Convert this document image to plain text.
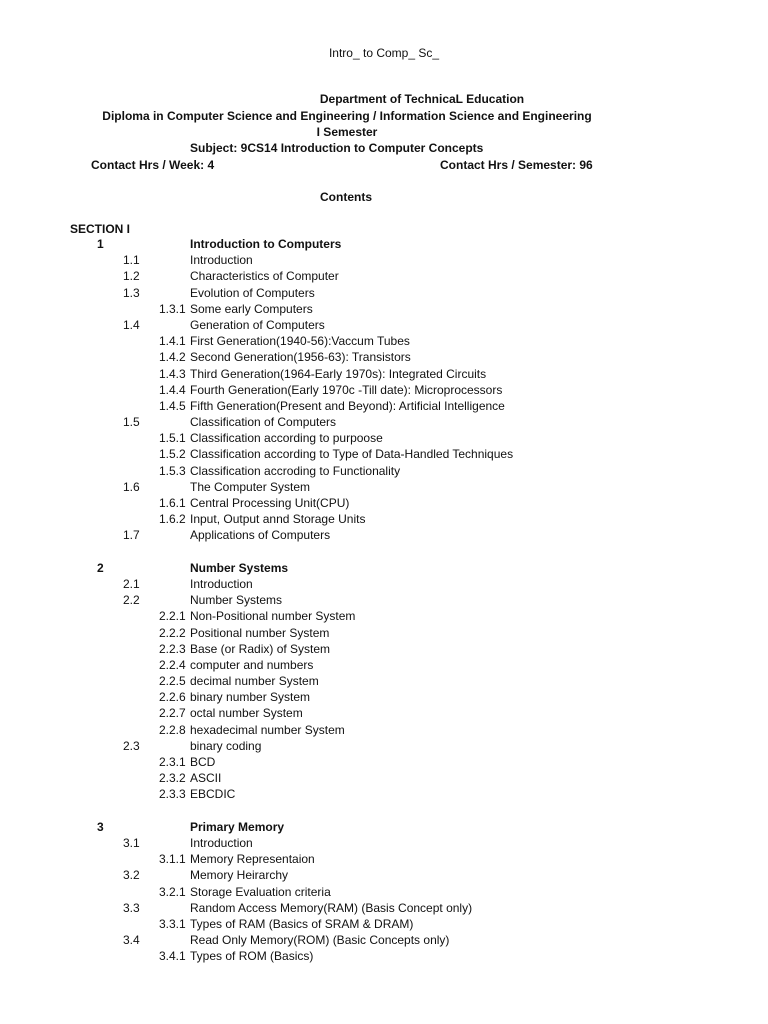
Intro_ to Comp_ Sc_
Department of TechnicaL Education
Diploma in Computer Science and Engineering / Information Science and Engineering
I Semester
Subject: 9CS14 Introduction to Computer Concepts
Contact Hrs / Week: 4	Contact Hrs / Semester: 96
Contents
SECTION I
1	Introduction to Computers
1.1	Introduction
1.2	Characteristics of Computer
1.3	Evolution of Computers
1.3.1 Some early Computers
1.4	Generation of Computers
1.4.1 First Generation(1940-56):Vaccum Tubes
1.4.2 Second Generation(1956-63): Transistors
1.4.3 Third Generation(1964-Early 1970s): Integrated Circuits
1.4.4 Fourth Generation(Early 1970c -Till date): Microprocessors
1.4.5 Fifth Generation(Present and Beyond): Artificial Intelligence
1.5	Classification of Computers
1.5.1 Classification according to purpoose
1.5.2 Classification according to Type of Data-Handled Techniques
1.5.3 Classification accroding to Functionality
1.6	The Computer System
1.6.1 Central Processing Unit(CPU)
1.6.2 Input, Output annd Storage Units
1.7	Applications of Computers
2	Number Systems
2.1	Introduction
2.2	Number Systems
2.2.1 Non-Positional number System
2.2.2 Positional number System
2.2.3 Base (or Radix) of System
2.2.4 computer and numbers
2.2.5 decimal number System
2.2.6 binary number System
2.2.7 octal number System
2.2.8 hexadecimal number System
2.3	binary coding
2.3.1 BCD
2.3.2 ASCII
2.3.3 EBCDIC
3	Primary Memory
3.1	Introduction
3.1.1 Memory Representaion
3.2	Memory Heirarchy
3.2.1 Storage Evaluation criteria
3.3	Random Access Memory(RAM) (Basis Concept only)
3.3.1 Types of RAM (Basics of SRAM & DRAM)
3.4	Read Only Memory(ROM) (Basic Concepts only)
3.4.1 Types of ROM (Basics)
